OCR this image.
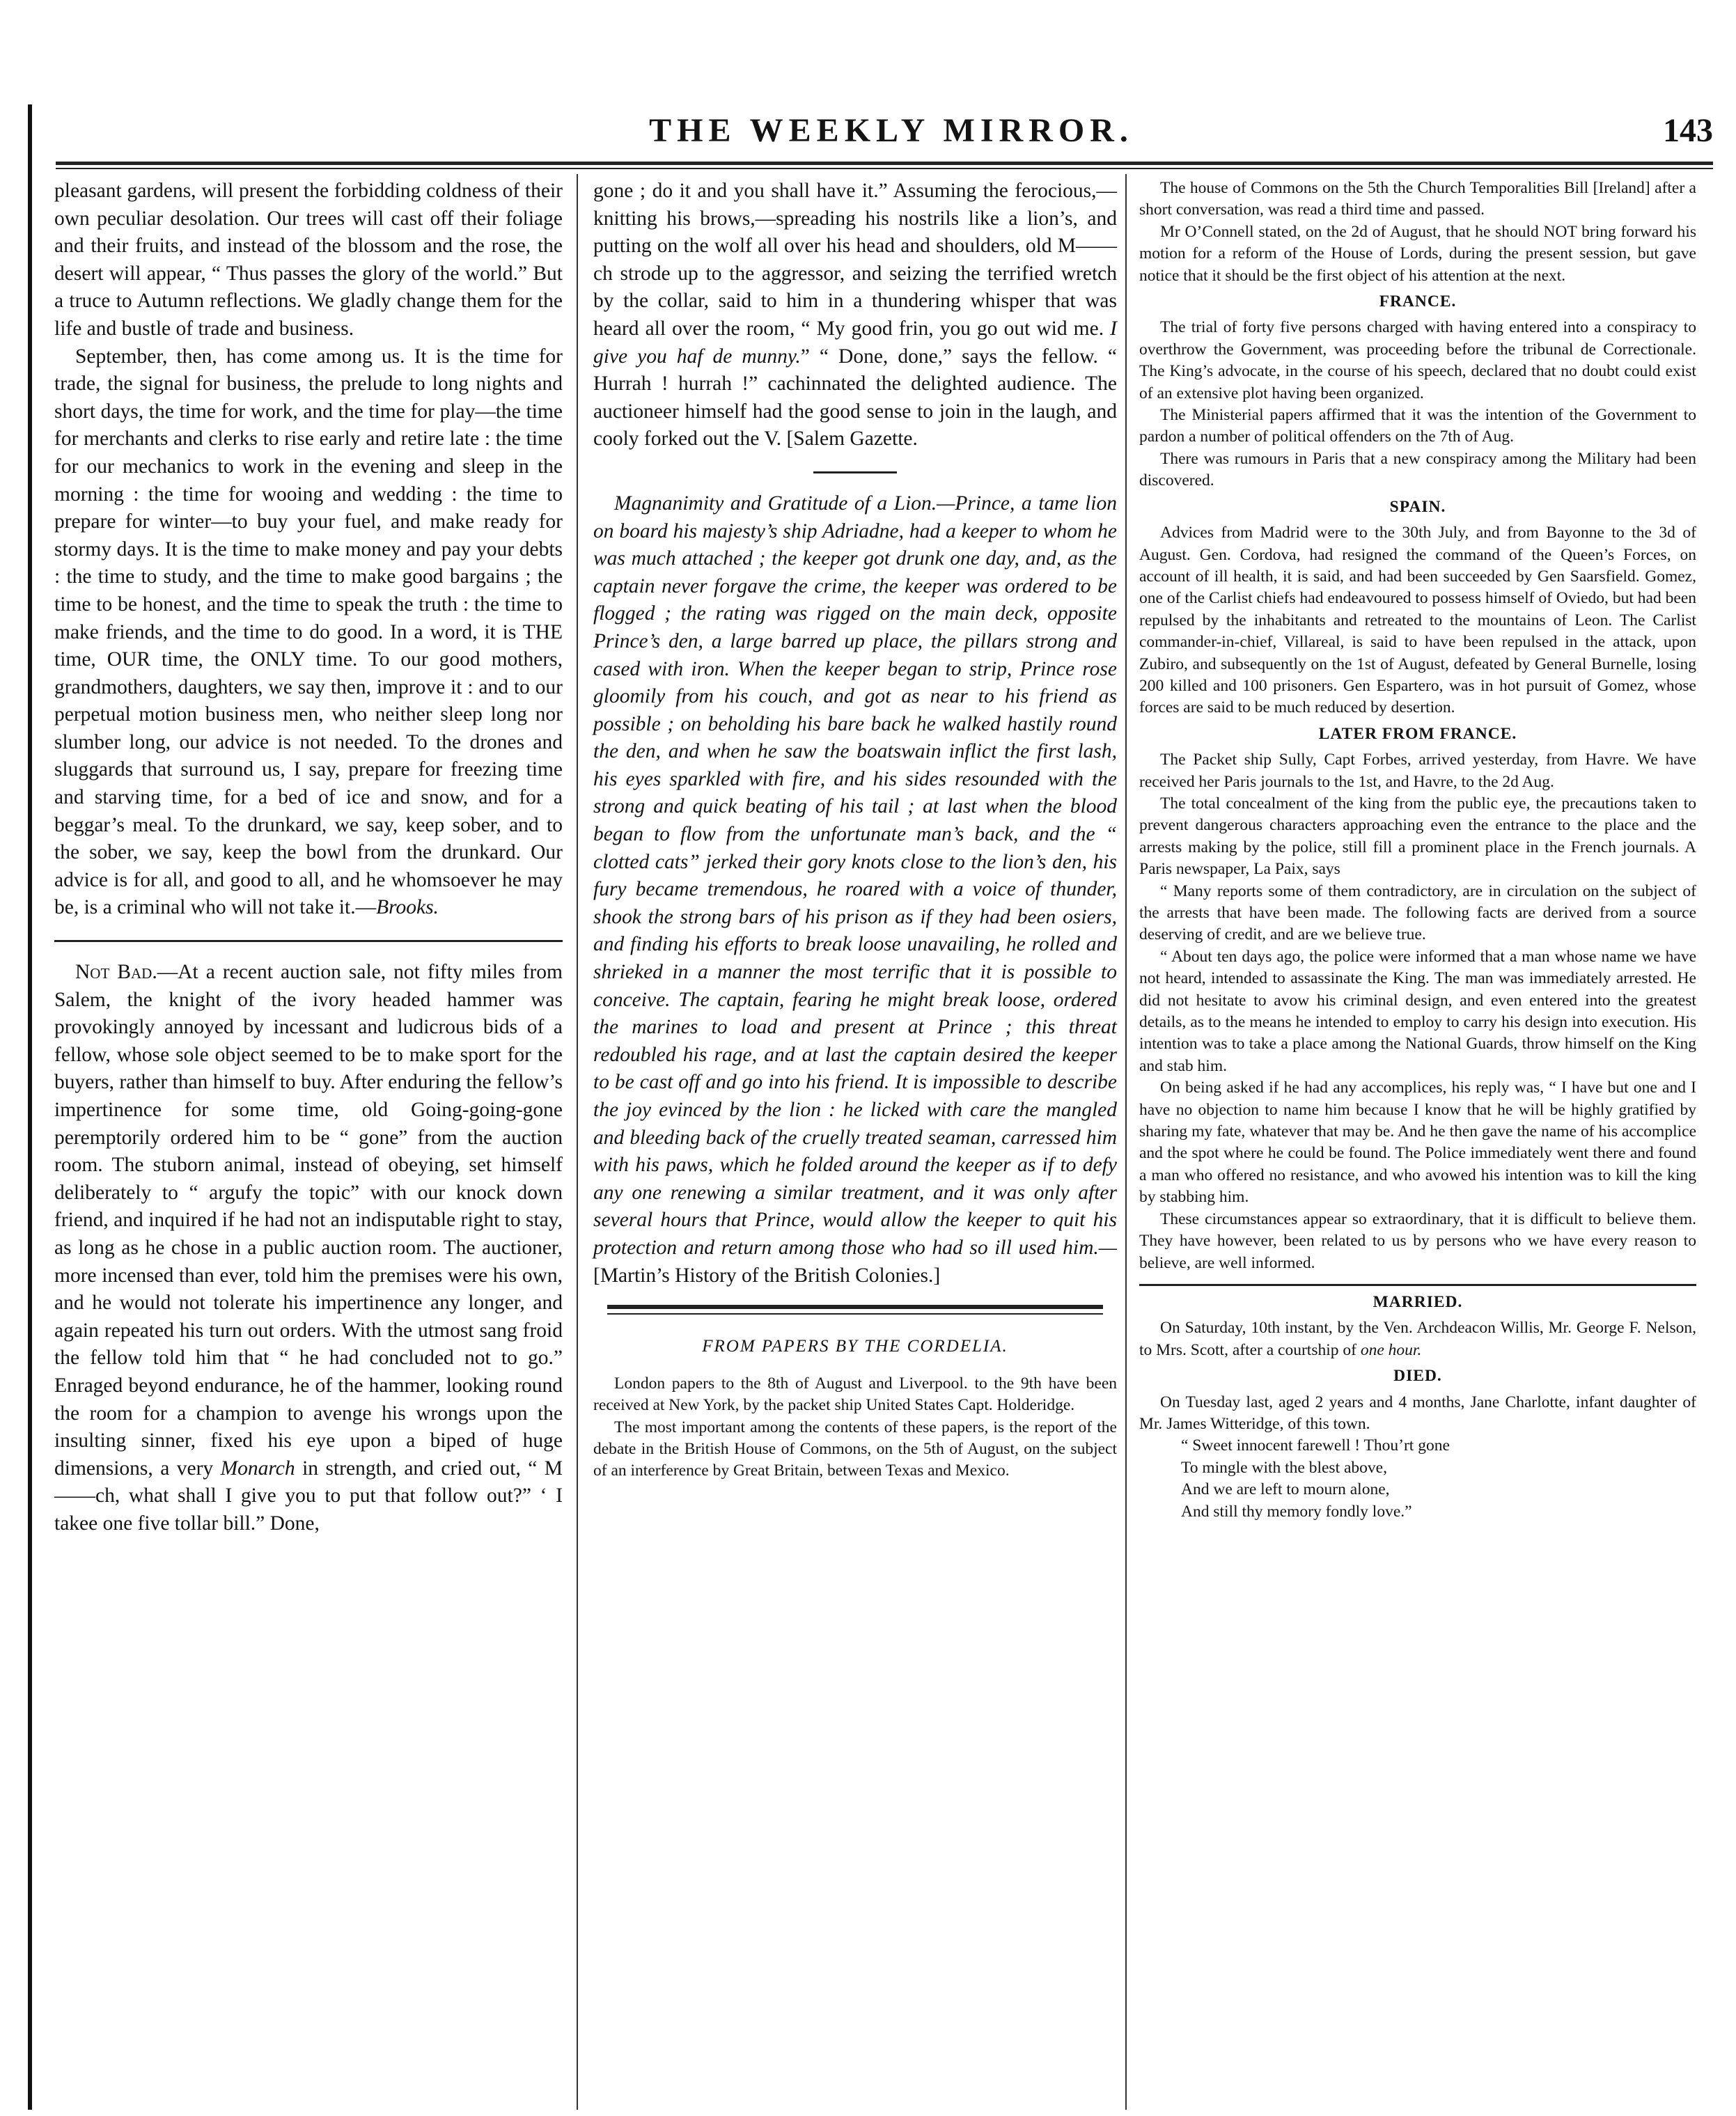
THE WEEKLY MIRROR.	143

pleasant gardens, will present the forbidding coldness of their own peculiar desolation. Our trees will cast off their foliage and their fruits, and instead of the blossom and the rose, the desert will appear, “ Thus passes the glory of the world.” But a truce to Autumn reflections. We gladly change them for the life and bustle of trade and business.

September, then, has come among us. It is the time for trade, the signal for business, the prelude to long nights and short days, the time for work, and the time for play—the time for merchants and clerks to rise early and retire late : the time for our mechanics to work in the evening and sleep in the morning : the time for wooing and wedding : the time to prepare for winter—to buy your fuel, and make ready for stormy days. It is the time to make money and pay your debts : the time to study, and the time to make good bargains ; the time to be honest, and the time to speak the truth : the time to make friends, and the time to do good. In a word, it is THE time, OUR time, the ONLY time. To our good mothers, grandmothers, daughters, we say then, improve it : and to our perpetual motion business men, who neither sleep long nor slumber long, our advice is not needed. To the drones and sluggards that surround us, I say, prepare for freezing time and starving time, for a bed of ice and snow, and for a beggar’s meal. To the drunkard, we say, keep sober, and to the sober, we say, keep the bowl from the drunkard. Our advice is for all, and good to all, and he whomsoever he may be, is a criminal who will not take it.—Brooks.

Not Bad.—At a recent auction sale, not fifty miles from Salem, the knight of the ivory headed hammer was provokingly annoyed by incessant and ludicrous bids of a fellow, whose sole object seemed to be to make sport for the buyers, rather than himself to buy. After enduring the fellow’s impertinence for some time, old Going-going-gone peremptorily ordered him to be “ gone” from the auction room. The stuborn animal, instead of obeying, set himself deliberately to “ argufy the topic” with our knock down friend, and inquired if he had not an indisputable right to stay, as long as he chose in a public auction room. The auctioner, more incensed than ever, told him the premises were his own, and he would not tolerate his impertinence any longer, and again repeated his turn out orders. With the utmost sang froid the fellow told him that “ he had concluded not to go.” Enraged beyond endurance, he of the hammer, looking round the room for a champion to avenge his wrongs upon the insulting sinner, fixed his eye upon a biped of huge dimensions, a very Monarch in strength, and cried out, “ M——ch, what shall I give you to put that follow out?” ‘ I takee one five tollar bill.” Done,

gone ; do it and you shall have it.” Assuming the ferocious,—knitting his brows,—spreading his nostrils like a lion’s, and putting on the wolf all over his head and shoulders, old M——ch strode up to the aggressor, and seizing the terrified wretch by the collar, said to him in a thundering whisper that was heard all over the room, “ My good frin, you go out wid me. I give you haf de munny.” “ Done, done,” says the fellow. “ Hurrah ! hurrah !” cachinnated the delighted audience. The auctioneer himself had the good sense to join in the laugh, and cooly forked out the V. [Salem Gazette.

Magnanimity and Gratitude of a Lion.—Prince, a tame lion on board his majesty’s ship Adriadne, had a keeper to whom he was much attached ; the keeper got drunk one day, and, as the captain never forgave the crime, the keeper was ordered to be flogged ; the rating was rigged on the main deck, opposite Prince’s den, a large barred up place, the pillars strong and cased with iron. When the keeper began to strip, Prince rose gloomily from his couch, and got as near to his friend as possible ; on beholding his bare back he walked hastily round the den, and when he saw the boatswain inflict the first lash, his eyes sparkled with fire, and his sides resounded with the strong and quick beating of his tail ; at last when the blood began to flow from the unfortunate man’s back, and the “ clotted cats” jerked their gory knots close to the lion’s den, his fury became tremendous, he roared with a voice of thunder, shook the strong bars of his prison as if they had been osiers, and finding his efforts to break loose unavailing, he rolled and shrieked in a manner the most terrific that it is possible to conceive. The captain, fearing he might break loose, ordered the marines to load and present at Prince ; this threat redoubled his rage, and at last the captain desired the keeper to be cast off and go into his friend. It is impossible to describe the joy evinced by the lion : he licked with care the mangled and bleeding back of the cruelly treated seaman, carressed him with his paws, which he folded around the keeper as if to defy any one renewing a similar treatment, and it was only after several hours that Prince, would allow the keeper to quit his protection and return among those who had so ill used him.—[Martin’s History of the British Colonies.]

FROM PAPERS BY THE CORDELIA.

London papers to the 8th of August and Liverpool. to the 9th have been received at New York, by the packet ship United States Capt. Holderidge.

The most important among the contents of these papers, is the report of the debate in the British House of Commons, on the 5th of August, on the subject of an interference by Great Britain, between Texas and Mexico.

The house of Commons on the 5th the Church Temporalities Bill [Ireland] after a short conversation, was read a third time and passed.

Mr O’Connell stated, on the 2d of August, that he should NOT bring forward his motion for a reform of the House of Lords, during the present session, but gave notice that it should be the first object of his attention at the next.

FRANCE.

The trial of forty five persons charged with having entered into a conspiracy to overthrow the Government, was proceeding before the tribunal de Correctionale. The King’s advocate, in the course of his speech, declared that no doubt could exist of an extensive plot having been organized.

The Ministerial papers affirmed that it was the intention of the Government to pardon a number of political offenders on the 7th of Aug.

There was rumours in Paris that a new conspiracy among the Military had been discovered.

SPAIN.

Advices from Madrid were to the 30th July, and from Bayonne to the 3d of August. Gen. Cordova, had resigned the command of the Queen’s Forces, on account of ill health, it is said, and had been succeeded by Gen Saarsfield. Gomez, one of the Carlist chiefs had endeavoured to possess himself of Oviedo, but had been repulsed by the inhabitants and retreated to the mountains of Leon. The Carlist commander-in-chief, Villareal, is said to have been repulsed in the attack, upon Zubiro, and subsequently on the 1st of August, defeated by General Burnelle, losing 200 killed and 100 prisoners. Gen Espartero, was in hot pursuit of Gomez, whose forces are said to be much reduced by desertion.

LATER FROM FRANCE.

The Packet ship Sully, Capt Forbes, arrived yesterday, from Havre. We have received her Paris journals to the 1st, and Havre, to the 2d Aug.

The total concealment of the king from the public eye, the precautions taken to prevent dangerous characters approaching even the entrance to the place and the arrests making by the police, still fill a prominent place in the French journals. A Paris newspaper, La Paix, says

“ Many reports some of them contradictory, are in circulation on the subject of the arrests that have been made. The following facts are derived from a source deserving of credit, and are we believe true.

“ About ten days ago, the police were informed that a man whose name we have not heard, intended to assassinate the King. The man was immediately arrested. He did not hesitate to avow his criminal design, and even entered into the greatest details, as to the means he intended to employ to carry his design into execution. His intention was to take a place among the National Guards, throw himself on the King and stab him.

On being asked if he had any accomplices, his reply was, “ I have but one and I have no objection to name him because I know that he will be highly gratified by sharing my fate, whatever that may be. And he then gave the name of his accomplice and the spot where he could be found. The Police immediately went there and found a man who offered no resistance, and who avowed his intention was to kill the king by stabbing him.

These circumstances appear so extraordinary, that it is difficult to believe them. They have however, been related to us by persons who we have every reason to believe, are well informed.

MARRIED.

On Saturday, 10th instant, by the Ven. Archdeacon Willis, Mr. George F. Nelson, to Mrs. Scott, after a courtship of one hour.

DIED.

On Tuesday last, aged 2 years and 4 months, Jane Charlotte, infant daughter of Mr. James Witteridge, of this town.

“ Sweet innocent farewell ! Thou’rt gone

To mingle with the blest above,

And we are left to mourn alone,

And still thy memory fondly love.”
